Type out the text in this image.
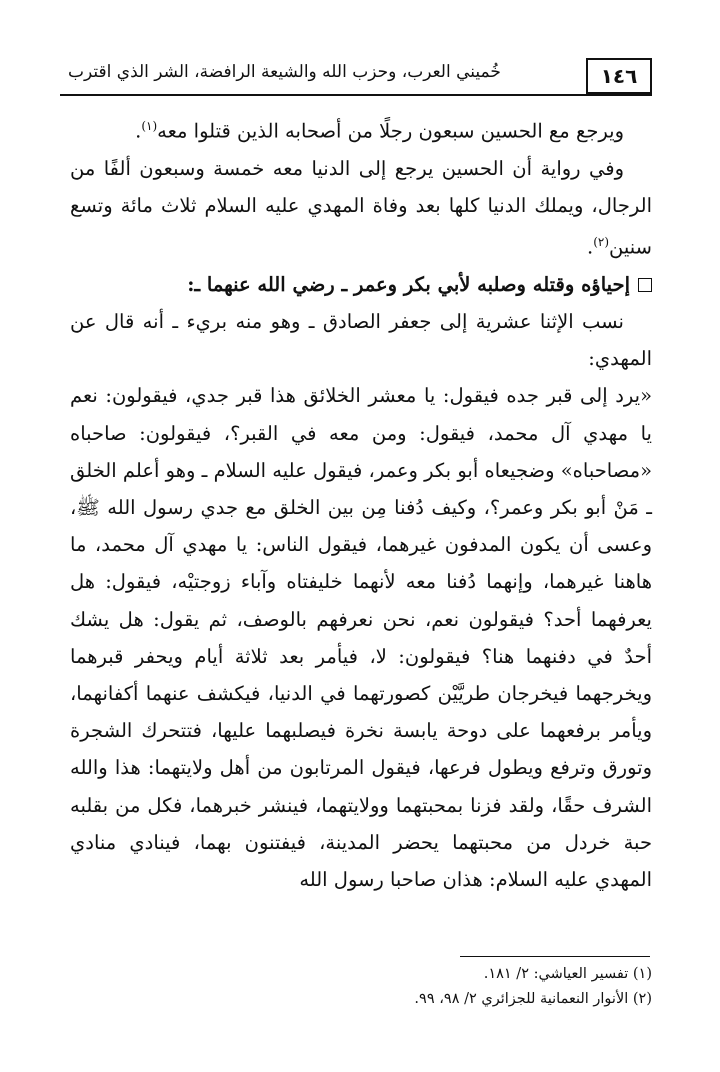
١٤٦
خُميني العرب، وحزب الله والشيعة الرافضة، الشر الذي اقترب

ويرجع مع الحسين سبعون رجلًا من أصحابه الذين قتلوا معه$^{(١)}$.

وفي رواية أن الحسين يرجع إلى الدنيا معه خمسة وسبعون ألفًا من الرجال، ويملك الدنيا كلها بعد وفاة المهدي عليه السلام ثلاث مائة وتسع سنين$^{(٢)}$.

إحياؤه وقتله وصلبه لأبي بكر وعمر ـ رضي الله عنهما ـ:

نسب الإثنا عشرية إلى جعفر الصادق ـ وهو منه بريء ـ أنه قال عن المهدي:

«يرد إلى قبر جده فيقول: يا معشر الخلائق هذا قبر جدي، فيقولون: نعم يا مهدي آل محمد، فيقول: ومن معه في القبر؟، فيقولون: صاحباه «مصاحباه» وضجيعاه أبو بكر وعمر، فيقول عليه السلام ـ وهو أعلم الخلق ـ مَنْ أبو بكر وعمر؟، وكيف دُفنا مِن بين الخلق مع جدي رسول الله ﷺ، وعسى أن يكون المدفون غيرهما، فيقول الناس: يا مهدي آل محمد، ما هاهنا غيرهما، وإنهما دُفنا معه لأنهما خليفتاه وآباء زوجتيْه، فيقول: هل يعرفهما أحد؟ فيقولون نعم، نحن نعرفهم بالوصف، ثم يقول: هل يشك أحدٌ في دفنهما هنا؟ فيقولون: لا، فيأمر بعد ثلاثة أيام ويحفر قبرهما ويخرجهما فيخرجان طريَّيْن كصورتهما في الدنيا، فيكشف عنهما أكفانهما، ويأمر برفعهما على دوحة يابسة نخرة فيصلبهما عليها، فتتحرك الشجرة وتورق وترفع ويطول فرعها، فيقول المرتابون من أهل ولايتهما: هذا والله الشرف حقًا، ولقد فزنا بمحبتهما وولايتهما، فينشر خبرهما، فكل من بقلبه حبة خردل من محبتهما يحضر المدينة، فيفتنون بهما، فينادي منادي المهدي عليه السلام: هذان صاحبا رسول الله

(١) تفسير العياشي: ٢/ ١٨١.
(٢) الأنوار النعمانية للجزائري ٢/ ٩٨، ٩٩.
